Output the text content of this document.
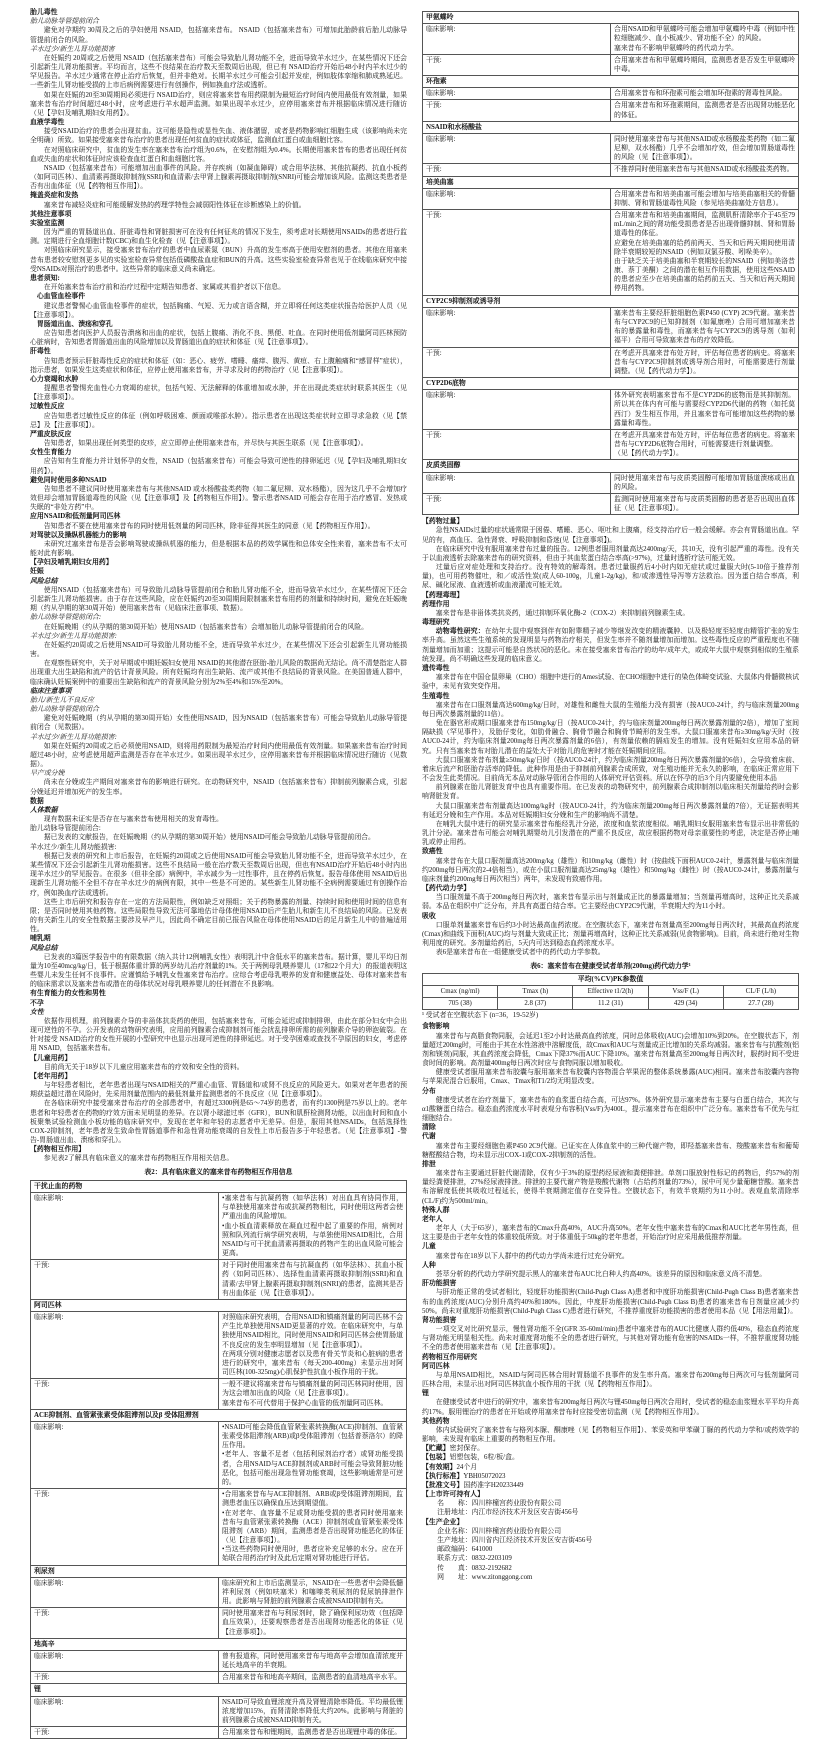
胎儿毒性
胎儿动脉导管提前闭合
避免对孕期约 30周及之后的孕妇使用 NSAID，包括塞来昔布。 NSAID（包括塞来昔布）可增加此胎龄前后胎儿动脉导管提前闭合的风险。
羊水过少/新生儿肾功能损害
在妊娠约 20周或之后使用 NSAID（包括塞来昔布）可能会导致胎儿肾功能不全，进而导致羊水过少，在某些情况下还会引起新生儿肾功能损害。平均而言，这些不良结果在治疗数天至数周后出现，但已有 NSAID治疗开始后48小时内羊水过少的罕见报告。羊水过少通常在停止治疗后恢复，但并非绝对。长期羊水过少可能会引起并发症，例如肢体挛缩和肺成熟延迟。一些新生儿肾功能受损的上市后病例需要进行有创操作，例如换血疗法或透析。
如果在妊娠的20至30周期间必须进行 NSAID治疗，则应将塞来昔布用药限制为最短治疗时间内使用最低有效剂量，如果塞来昔布治疗时间超过48小时，应考虑进行羊水超声监测。如果出现羊水过少，应停用塞来昔布并根据临床情况进行随访（见【孕妇及哺乳期妇女用药】）。
血液学毒性
接受NSAID治疗的患者会出现贫血。这可能是隐性或显性失血、液体潴留，或者是药物影响红细胞生成（该影响尚未完全明确）所致。如果接受塞来昔布治疗的患者出现任何贫血的症状或体征，监测血红蛋白或血细胞比容。
在对照临床研究中，贫血的发生率在塞来昔布治疗组为0.6%，在安慰剂组为0.4%。长期使用塞来昔布的患者出现任何贫血或失血的症状和体征时应该检查血红蛋白和血细胞比容。
NSAID（包括塞来昔布）可能增加出血事件的风险。并存疾病（如凝血障碍）或合用华法林、其他抗凝药、抗血小板药（如阿司匹林）、血清素再摄取抑制剂(SSRI)和血清素/去甲肾上腺素再摄取抑制剂(SNRI)可能会增加该风险。监测这类患者是否有出血体征（见【药物相互作用】）。
掩盖炎症和发热
塞来昔布减轻炎症和可能缓解发热的药理学特性会减弱阳性体征在诊断感染上的价值。
其他注意事项
实验室监测
因为严重的胃肠道出血、肝脏毒性和肾脏损害可在没有任何征兆的情况下发生，须考虑对长期使用NSAIDs的患者进行监测。定期进行全血细胞计数(CBC)和血生化检查（见【注意事项】）。
对照临床研究显示，接受塞来昔布治疗的患者中血尿素氮（BUN）升高的发生率高于使用安慰剂的患者。其他在用塞来昔布患者较安慰剂更多见的实验室检查异常包括低磷酸盐血症和BUN的升高。这些实验室检查异常也见于在线临床研究中接受NSAIDs对照治疗的患者中。这些异常的临床意义尚未确定。
患者须知:
在开始塞来昔布治疗前和治疗过程中定期告知患者、家属或其看护者以下信息。
心血管血栓事件
建议患者警惕心血管血栓事件的症状，包括胸痛、气短、无力或言语含糊，并立即将任何这类症状报告给医护人员（见【注意事项】）。
胃肠道出血、溃疡和穿孔
应告知患者向医护人员报告溃疡和出血的症状，包括上腹痛、消化不良、黑便、吐血。在同时使用低剂量阿司匹林预防心脏病时，告知患者胃肠道出血的风险增加以及胃肠道出血的症状和体征（见【注意事项】）。
肝毒性
告知患者预示肝脏毒性反应的症状和体征（如：恶心、疲劳、嗜睡、瘙痒、腹泻、黄疸、右上腹触痛和“感冒样”症状），指示患者，如果发生这类症状和体征，应停止使用塞来昔布，并寻求及时的药物治疗（见【注意事项】）。
心力衰竭和水肿
提醒患者警惕充血性心力衰竭的症状，包括气短、无法解释的体重增加或水肿，并在出现此类症状时联系其医生（见【注意事项】）。
过敏性反应
应告知患者过敏性反应的体征（例如呼吸困难、颜面或喉部水肿）。指示患者在出现这类症状时立即寻求急救（见【禁忌】及【注意事项】）。
严重皮肤反应
告知患者，如果出现任何类型的皮疹，应立即停止使用塞来昔布，并尽快与其医生联系（见【注意事项】）。
女性生育能力
应告知有生育能力并计划怀孕的女性，NSAID（包括塞来昔布）可能会导致可逆性的排卵延迟（见【孕妇及哺乳期妇女用药】）。
避免同时使用多种NSAID
告知患者不建议同时使用塞来昔布与其他NSAID 或水杨酸盐类药物（如二氟尼柳、双水杨酯），因为这几乎不会增加疗效但却会增加胃肠道毒性的风险（见【注意事项】及【药物相互作用】）。警示患者NSAID 可能会存在用于治疗感冒、发热或失眠的“非处方药”中。
应用NSAID和低剂量阿司匹林
告知患者不要在使用塞来昔布的同时使用低剂量的阿司匹林，除非征得其医生的同意（见【药物相互作用】）。
对驾驶以及操纵机器能力的影响
未研究过塞来昔布是否会影响驾驶或操纵机器的能力，但是根据本品的药效学属性和总体安全性来看，塞来昔布不太可能对此有影响。
【孕妇及哺乳期妇女用药】
妊娠
风险总结
使用NSAID（包括塞来昔布）可导致胎儿动脉导管提前闭合和胎儿肾功能不全，进而导致羊水过少，在某些情况下还会引起新生儿肾功能损害。由于存在这些风险，应在妊娠约20至30周期间限制塞来昔布用药的剂量和持续时间，避免在妊娠晚期（约从孕期的第30周开始）使用塞来昔布（见临床注意事项、数据）。
胎儿动脉导管提前闭合:
在妊娠晚期（约从孕期的第30周开始）使用NSAID（包括塞来昔布）会增加胎儿动脉导管提前闭合的风险。
羊水过少/新生儿肾功能损害:
在妊娠约20周或之后使用NSAID可导致胎儿肾功能不全，进而导致羊水过少，在某些情况下还会引起新生儿肾功能损害。
在观察性研究中，关于对早期或中期妊娠妇女使用 NSAID的其他潜在胚胎-胎儿风险的数据尚无结论。尚不清楚指定人群出现重大出生缺陷和流产的估计背景风险。所有妊娠均有出生缺陷、流产或其他不良结局的背景风险。在美国普通人群中，临床确认妊娠案例中的重要出生缺陷和流产的背景风险分别为2%至4%和15%至20%。
临床注意事项
胎儿/新生儿不良反应
胎儿动脉导管提前闭合
避免对妊娠晚期（约从孕期的第30周开始）女性使用NSAID，因为NSAID（包括塞来昔布）可能会导致胎儿动脉导管提前闭合（见数据）。
羊水过少/新生儿肾功能损害:
如果在妊娠约20周或之后必须使用NSAID，则将用药限制为最短治疗时间内使用最低有效剂量。如果塞来昔布治疗时间超过48小时，应考虑使用超声监测是否存在羊水过少。如果出现羊水过少，应停用塞来昔布并根据临床情况进行随访（见数据）。
早产或分娩
尚未在分娩或生产期间对塞来昔布的影响进行研究。在动物研究中，NSAID（包括塞来昔布）抑制前列腺素合成，引起分娩延迟并增加死产的发生率。
数据
人体数据
现有数据未证实是否存在与塞来昔布使用相关的发育毒性。
胎儿动脉导管提前闭合:
据已发表的文献报告，在妊娠晚期（约从孕期的第30周开始）使用NSAID可能会导致胎儿动脉导管提前闭合。
羊水过少/新生儿肾功能损害:
根据已发表的研究和上市后报告，在妊娠约20周或之后使用NSAID可能会导致胎儿肾功能不全，进而导致羊水过少，在某些情况下还会引起新生儿肾功能损害。这些不良结局一般在治疗数天至数周后出现，但也有NSAID治疗开始后48小时内出现羊水过少的罕见报告。在很多（但非全部）病例中，羊水减少为一过性事件，且在停药后恢复。报告母体使用 NSAID后出现新生儿肾功能不全但不存在羊水过少的病例有限，其中一些是不可逆的。某些新生儿肾功能不全病例需要通过有创操作治疗，例如换血疗法或透析。
这些上市后研究和报告存在一定的方法局限性，例如缺乏对照组；关于药物暴露的剂量、持续时间和使用时间的信息有限；是否同时使用其他药物。这些局限性导致无法可靠地估计母体使用NSAID后产生胎儿和新生儿不良结局的风险。已发表的有关新生儿的安全性数据主要涉及早产儿，因此尚不确定目前已报告风险在母体使用NSAID后的足月新生儿中的普遍适用性。
哺乳期
风险总结
已发表的3篇医学报告中的有限数据（纳入共计12例哺乳女性）表明乳汁中含低水平的塞来昔布。据计算，婴儿平均日剂量为10至40mcg/kg/日，低于根据体重计算的两岁幼儿治疗剂量的1%。关于两例母乳喂养婴儿（17和22个月大）的报道表明这些婴儿未发生任何不良事件。应谨慎给予哺乳女性塞来昔布治疗。应综合考虑母乳喂养的发育和健康益处、母体对塞来昔布的临床需求以及塞来昔布或潜在的母体状况对母乳喂养婴儿的任何潜在不良影响。
有生育能力的女性和男性
不孕
女性
依据作用机理，前列腺素介导的非甾体抗炎药的使用，包括塞来昔布，可能会延迟或抑制排卵，由此在部分妇女中会出现可逆性的不孕。公开发表的动物研究表明，应用前列腺素合成抑制剂可能会扰乱排卵所需的前列腺素介导的卵泡破裂。在针对接受 NSAID治疗的女性开展的小型研究中也显示出现可逆性的排卵延迟。对于受孕困难或查找不孕原因的妇女，考虑停用 NSAID，包括塞来昔布。
【儿童用药】
目前尚无关于18岁以下儿童应用塞来昔布的疗效和安全性的资料。
【老年用药】
与年轻患者相比，老年患者出现与NSAID相关的严重心血管、胃肠道和/或肾不良反应的风险更大。如果对老年患者的预期获益超过潜在风险时，先采用剂量范围内的最低剂量并监测患者的不良反应（见【注意事项】）。
在各临床研究中接受塞来昔布治疗的全部患者中，有超过3300例是65～74岁的患者，而有约1300例是75岁以上的。老年患者和年轻患者在药物的疗效方面未见明显的差异。在以肾小球滤过率（GFR），BUN和肌酐检测肾功能，以出血时间和血小板聚集试验检测血小板功能的临床研究中，发现在老年和年轻的志愿者中无差异。但是，服用其他NSAIDs，包括选择性COX-2抑制剂，老年患者发生致命性胃肠道事件和急性肾功能衰竭的自发性上市后报告多于年轻患者。（见【注意事项】-警告-胃肠道出血、溃疡和穿孔）。
【药物相互作用】
参见表2了解具有临床意义的塞来昔布药物相互作用相关信息。
表2：具有临床意义的塞来昔布药物相互作用信息
干扰止血的药物	
临床影响:	•塞来昔布与抗凝药物（如华法林）对出血具有协同作用，与单独使用塞来昔布或抗凝药物相比，同时使用这两者会使严重出血的风险增加。
•血小板血清素释放在凝血过程中起了重要的作用，病例对照和队列流行病学研究表明，与单独使用NSAID相比，合用NSAID与可干扰血清素再摄取的药物产生的出血风险可能会更高。
干预:	对于同时使用塞来昔布与抗凝血药（如华法林）、抗血小板药（如阿司匹林）、选择性血清素再摄取抑制剂(SSRI)和血清素/去甲肾上腺素再摄取抑制剂(SNRI)的患者，监测其是否有出血体征（见【注意事项】）。
阿司匹林	
临床影响:	对照临床研究表明，合用NSAID和镇痛剂量的阿司匹林不会产生比单独使用NSAID更显著的疗效。在临床研究中，与单独使用NSAID相比，同时使用NSAID和阿司匹林会使胃肠道不良反应的发生率明显增加（见【注意事项】）。
在两项分别对健康志愿者以及患有骨关节炎和心脏病的患者进行的研究中，塞来昔布（每天200-400mg）未显示出对阿司匹林(100-325mg)心肌保护性抗血小板作用的干扰。
干预:	一般不建议将塞来昔布与镇痛剂量的阿司匹林同时使用，因为这会增加出血的风险（见【注意事项】）。
塞来昔布不可代替用于保护心血管的低剂量阿司匹林。
ACE抑制剂、血管紧张素受体阻滞剂以及β 受体阻滞剂	
临床影响:	•NSAID可能会降低血管紧张素转换酶(ACE)抑制剂、血管紧张素受体阻滞剂(ARB)或β受体阻滞剂（包括普萘洛尔）的降压作用。
•老年人、容量不足者（包括利尿剂治疗者）或肾功能受损者，合用NSAID与ACE抑制剂或ARB时可能会导致肾脏功能恶化，包括可能出现急性肾功能衰竭，这些影响通常是可逆的。
干预:	•合用塞来昔布与ACE抑制剂、ARB或β受体阻滞剂期间，监测患者血压以确保血压达到期望值。
•在对老年、血容量不足或肾功能受损的患者同时使用塞来昔布与血管紧张素转换酶（ACE）抑制剂或血管紧张素受体阻滞剂（ARB）期间，监测患者是否出现肾功能恶化的体征（见【注意事项】）。
•当这些药物同时使用时，患者应补充足够的水分。应在开始联合用药治疗时及此后定期对肾功能进行评估。
利尿剂	
临床影响:	临床研究和上市后监测显示，NSAID在一些患者中会降低髓袢利尿剂（例如呋塞米）和噻嗪类利尿剂的促尿钠排泄作用。此影响与肾脏的前列腺素合成被NSAID抑制有关。
干预:	同时使用塞来昔布与利尿剂时，除了确保利尿功效（包括降血压效果），还要观察患者是否出现肾功能恶化的体征（见【注意事项】）。
地高辛	
临床影响:	曾有报道称，同时使用塞来昔布与地高辛会增加血清浓度并延长地高辛的半衰期。
干预:	合用塞来昔布和地高辛期间，监测患者的血清地高辛水平。
锂	
临床影响:	NSAID可导致血锂浓度升高及肾锂清除率降低。平均最低锂浓度增加15%，而肾清除率降低大约20%。此影响与肾脏的前列腺素合成被NSAID抑制有关。
干预:	合用塞来昔布和锂期间，监测患者是否出现锂中毒的体征。
甲氨蝶呤	
临床影响:	合用NSAID和甲氨蝶呤可能会增加甲氨蝶呤中毒（例如中性粒细胞减少、血小板减少、肾功能不全）的风险。
塞来昔布不影响甲氨蝶呤的药代动力学。
干预:	合用塞来昔布和甲氨蝶呤期间，监测患者是否发生甲氨蝶呤中毒。
环孢素	
临床影响:	合用塞来昔布和环孢素可能会增加环孢素的肾毒性风险。
干预:	合用塞来昔布和环孢素期间，监测患者是否出现肾功能恶化的体征。
NSAID和水杨酸盐	
临床影响:	同时使用塞来昔布与其他NSAID或水杨酸盐类药物（如二氟尼柳，双水杨酯）几乎不会增加疗效，但会增加胃肠道毒性的风险（见【注意事项】）。
干预:	不推荐同时使用塞来昔布与其他NSAID或水杨酸盐类药物。
培美曲塞	
临床影响:	合用塞来昔布和培美曲塞可能会增加与培美曲塞相关的骨髓抑制、肾和胃肠道毒性风险（参见培美曲塞处方信息）。
干预:	合用塞来昔布和培美曲塞期间，监测肌酐清除率介于45至79 mL/min之间的肾功能受损患者是否出现骨髓抑制、肾和胃肠道毒性的体征。
应避免在培美曲塞的给药前两天、当天和后两天期间使用清除半衰期较短的NSAID（例如双氯芬酸、吲哚美辛）。
由于缺乏关于培美曲塞和半衰期较长的NSAID（例如美洛昔康、萘丁美酮）之间的潜在相互作用数据，使用这些NSAID的患者应至少在培美曲塞的给药前五天、当天和后两天期间停用药物。
CYP2C9抑制剂或诱导剂	
临床影响:	塞来昔布主要经肝脏细胞色素P450 (CYP) 2C9代谢。塞来昔布与CYP2C9的已知抑制剂（如氟康唑）合用可增加塞来昔布的暴露量和毒性，而塞来昔布与CYP2C9的诱导剂（如利福平）合用可导致塞来昔布的疗效降低。
干预:	在考虑开具塞来昔布处方时，评估每位患者的病史。将塞来昔布与CYP2C9抑制剂或诱导剂合用时，可能需要进行剂量调整。（见【药代动力学】）。
CYP2D6底物	
临床影响:	体外研究表明塞来昔布不是CYP2D6的底物而是其抑制剂。所以其在体内有可能与需要经CYP2D6代谢的药物（如托莫西汀）发生相互作用，并且塞来昔布可能增加这些药物的暴露量和毒性。
干预:	在考虑开具塞来昔布处方时，评估每位患者的病史。将塞来昔布与CYP2D6底物合用时，可能需要进行剂量调整。
（见【药代动力学】）。
皮质类固醇	
临床影响:	同时使用塞来昔布与皮质类固醇可能增加胃肠道溃疡或出血的风险。
干预:	监测同时使用塞来昔布与皮质类固醇的患者是否出现出血体征（见【注意事项】）。
【药物过量】
急性NSAIDs过量的症状通常限于困倦、嗜睡、恶心、呕吐和上腹痛，经支持治疗后一般会缓解。亦会有胃肠道出血。罕见的有，高血压、急性肾衰、呼吸抑制和昏迷(见【注意事项】)。
在临床研究中没有服用塞来昔布过量的报告。12例患者服用剂量高达2400mg/天，共10天，没有引起严重的毒性。没有关于以血液透析去除塞来昔布的研究资料，但由于其血浆蛋白结合率高(>97%)，过量时透析疗法可能无效。
过量后应对症处理和支持治疗。没有特效的解毒剂。患者过量服药后4小时内如无症状或过量服大时(5-10倍于推荐剂量)，也可用药物催吐，和／或活性炭(成人60-100g，儿童1-2g/kg)，和/或渗透性导泻等方法救治。因为蛋白结合率高，利尿、碱化尿液、血液透析或血液灌流可能无效。
【药理毒理】
药理作用
塞来昔布是非甾体类抗炎药，通过抑制环氧化酶-2（COX-2）来抑制前列腺素生成。
毒理研究
动物毒性研究：在幼年大鼠中观察到伴有如附睾精子减少等继发改变的精液囊肿、以及极轻度至轻度由精管扩张的发生率升高。虽然这些生殖系统的发现明显与药物治疗相关，但发生率并不随剂量增加而增加。这些毒性反应的严重程度也不随剂量增加而加重；这提示可能是自然状况的恶化。未在接受塞来昔布治疗的幼年/成年犬，或成年大鼠中观察到相似的生殖系统发现。尚不明确这些发现的临床意义。
遗传毒性
塞来昔布在中国仓鼠卵巢（CHO）细胞中进行的Ames试验、在CHO细胞中进行的染色体畸变试验、大鼠体内骨髓微核试验中，未见有致突变作用。
生殖毒性
塞来昔布在口服剂量高达600mg/kg/日时，对雄性和雌性大鼠的生殖能力没有损害（按AUC0-24计，约与临床剂量200mg每日两次暴露剂量的11倍）。
兔在器官形成期口服塞来昔布150mg/kg/日（按AUC0-24计，约与临床剂量200mg每日两次暴露剂量的2倍），增加了室间隔缺损（罕见事件），及胎仔变化，如肋骨融合、胸骨节融合和胸骨节畸形的发生率。大鼠口服塞来昔布≥30mg/kg/天时（按 AUC0-24计，约为临床剂量200mg每日两次暴露剂量的6倍），有剂量依赖的膈疝发生的增加。没有妊娠妇女应用本品的研究。只有当塞来昔布对胎儿潜在的益处大于对胎儿的危害时才能在妊娠期间应用。
大鼠口服塞来昔布剂量≥50mg/kg/日时（按AUC0-24计，约为临床剂量200mg每日两次暴露剂量的6倍），会导致着床前、着床后流产和胚胎存活率的降低。此种作用是由于抑制前列腺素合成所致，对生殖功能并无永久的影响，在临床正常应用下不会发生此类情况。目前尚无本品对动脉导管闭合作用的人体研究评估资料。所以在怀孕的后3个月内要避免使用本品
前列腺素在胎儿肾脏发育中也具有重要作用。在已发表的动物研究中，前列腺素合成抑制剂以临床相关剂量给药时会影响肾脏发育。
大鼠口服塞来昔布剂量高达100mg/kg时（按AUC0-24计，约为临床剂量200mg每日两次暴露剂量的7倍），无证据表明其有延迟分娩和生产作用。本品对妊娠期妇女分娩和生产的影响尚不清楚。
在哺乳大鼠中进行的研究显示塞来昔布能经乳汁分泌，浓度和血浆浓度相似。哺乳期妇女服用塞来昔布显示出非常低的乳汁分泌。塞来昔布可能会对哺乳期婴幼儿引发潜在的严重不良反应，故应根据药物对母亲重要性的考虑，决定是否停止哺乳或停止用药。
致癌性
塞来昔布在大鼠口服剂量高达200mg/kg（雄性）和10mg/kg（雌性）时（按曲线下面积AUC0-24计，暴露剂量与临床剂量约200mg每日两次的2-4倍相当），或在小鼠口服剂量高达25mg/kg（雄性）和50mg/kg（雌性）时（按AUC0-24计，暴露剂量与临床剂量约200mg每日两次相当）两年，未发现有致癌作用。
【药代动力学】
当口服剂量不高于200mg每日两次时，塞来昔布显示出与剂量成正比的暴露量增加；当剂量再增高时，这种正比关系减弱。本品在组织中广泛分布，并具有高蛋白结合率。它主要经由CYP2C9代谢，半衰期大约为11小时。
吸收
口服单剂量塞来昔布后约3小时达最高血药浓度。在空腹状态下，塞来昔布剂量高至200mg每日两次时，其最高血药浓度(Cmax)和曲线下面积(AUC)均与剂量大致成正比；剂量再增高时，这种正比关系减弱(见食物影响)。目前，尚未进行绝对生物利用度的研究。多剂量给药后，5天内可达到稳态血药浓度水平。
表6是塞来昔布在一组健康受试者中的药代动力学参数。
表6：塞来昔布在健康受试者单剂(200mg)药代动力学¹
平均(%CV)PK参数值				
Cmax (ng/ml)	Tmax (h)	Effective t1/2(h)	Vss/F (L)	CL/F (L/h)
705 (38)	2.8 (37)	11.2 (31)	429 (34)	27.7 (28)
¹ 受试者在空腹状态下 (n=36，19-52岁)
食物影响
塞来昔布与高脂食物同服，会延迟1至2小时达最高血药浓度，同时总体吸收(AUC)会增加10%到20%。在空腹状态下，剂量超过200mg时，可能由于其在水性溶液中溶解度低，故Cmax和AUC与剂量成正比增加的关系均减弱。塞来昔布与抗酸剂(铝剂和镁剂)同服，其血药浓度会降低，Cmax下降37%而AUC下降10%。塞来昔布剂量高至200mg每日两次时，服药时间不受进食时间的影响。高剂量400mg每日两次时应与食物同服以增加吸收。
健康受试者服用塞来昔布胶囊与服用塞来昔布胶囊内容物混合苹果泥的整体系统暴露(AUC)相同。塞来昔布胶囊内容物与苹果泥混合后服用，Cmax、Tmax和T1/2均无明显改变。
分布
健康受试者在治疗剂量下，塞来昔布的血浆蛋白结合高，可达97%。体外研究显示塞来昔布主要与白蛋白结合，其次与α1酸糖蛋白结合。稳态血药浓度水平时表观分布容积(Vss/F)为400L，提示塞来昔布在组织中广泛分布。塞来昔布不优先与红细胞结合。
清除
代谢
塞来昔布主要经细胞色素P450 2C9代谢。已证实在人体血浆中的三种代谢产物，即羟基塞来昔布、羧酸塞来昔布和葡萄糖醛酸结合物，均未显示出COX-1或COX-2抑制剂的活性。
排泄
塞来昔布主要通过肝脏代谢清除，仅有少于3%的原型药经尿液和粪便排泄。单剂口服放射性标记的药物后，约57%的剂量经粪便排泄，27%经尿液排泄。排泄的主要代谢产物是羧酸代谢物（占给药剂量的73%），尿中可见少量葡糖苷酸。塞来昔布溶解度低使其吸收过程延长，使得半衰期测定值存在变异性。空腹状态下，有效半衰期约为11小时。表观血浆清除率(CL/F)约为500ml/min。
特殊人群
老年人
老年人（大于65岁），塞来昔布的Cmax升高40%，AUC升高50%。老年女性中塞来昔布的Cmax和AUC比老年男性高，但这主要是由于老年女性的体重较低所致。对于体重低于50kg的老年患者，开始治疗时应采用最低推荐剂量。
儿童
塞来昔布在18岁以下人群中的药代动力学尚未进行过充分研究。
人种
荟萃分析的药代动力学研究提示黑人的塞来昔布AUC比白种人约高40%。该差异的原因和临床意义尚不清楚。
肝功能损害
与肝功能正常的受试者相比，轻度肝功能损害(Child-Pugh Class A)患者和中度肝功能损害(Child-Pugh Class B)患者塞来昔布的血药浓度(AUC)分别升高约40%和180%。因此，中度肝功能损害(Child-Pugh Class B)患者的塞来昔布日剂量应减少约50%。尚未对重度肝功能损害(Child-Pugh Class C)患者进行研究，不推荐重度肝功能损害的患者使用本品（见【用法用量】）。
肾功能损害
一项交叉对比研究显示，慢性肾功能不全(GFR 35-60ml/min)患者中塞来昔布的AUC比健康人群约低40%，稳态血药浓度与肾功能无明显相关性。尚未对重度肾功能不全的患者进行研究，与其他对肾功能有危害的NSAIDs一样，不推荐重度肾功能不全的患者使用塞来昔布（见【注意事项】）。
药物相互作用研究
阿司匹林
与单用NSAID相比，NSAID与阿司匹林合用时胃肠道不良事件的发生率升高。塞来昔布200mg每日两次可与低剂量阿司匹林合用，未显示出对阿司匹林抗血小板作用的干扰（见【药物相互作用】）。
锂
在健康受试者中进行的研究中，塞来昔布200mg每日两次与锂450mg每日两次合用时，受试者的稳态血浆锂水平平均升高约17%。服用锂治疗的患者在开始或停用塞来昔布时应接受密切监测（见【药物相互作用】）。
其他药物
体内试验研究了塞来昔布与格列本脲、酮康唑（见【药物相互作用】）、苯妥英和甲苯磺丁脲的药代动力学和/或药效学的影响，未发现有临床上重要的药物相互作用。
【贮藏】密封保存。
【包装】铝塑包装，6粒/板/盒。
【有效期】24个月
【执行标准】YBH05072023
【批准文号】国药准字H20233449
【上市许可持有人】
名　　称：四川梓橦宫药业股份有限公司
注册地址：内江市经济技术开发区安吉街456号
【生产企业】
企业名称：四川梓橦宫药业股份有限公司
生产地址：四川省内江经济技术开发区安吉街456号
邮政编码：641000
联系方式：0832-2203109
传　　真：0832-2192682
网　　址：www.zitonggong.com
